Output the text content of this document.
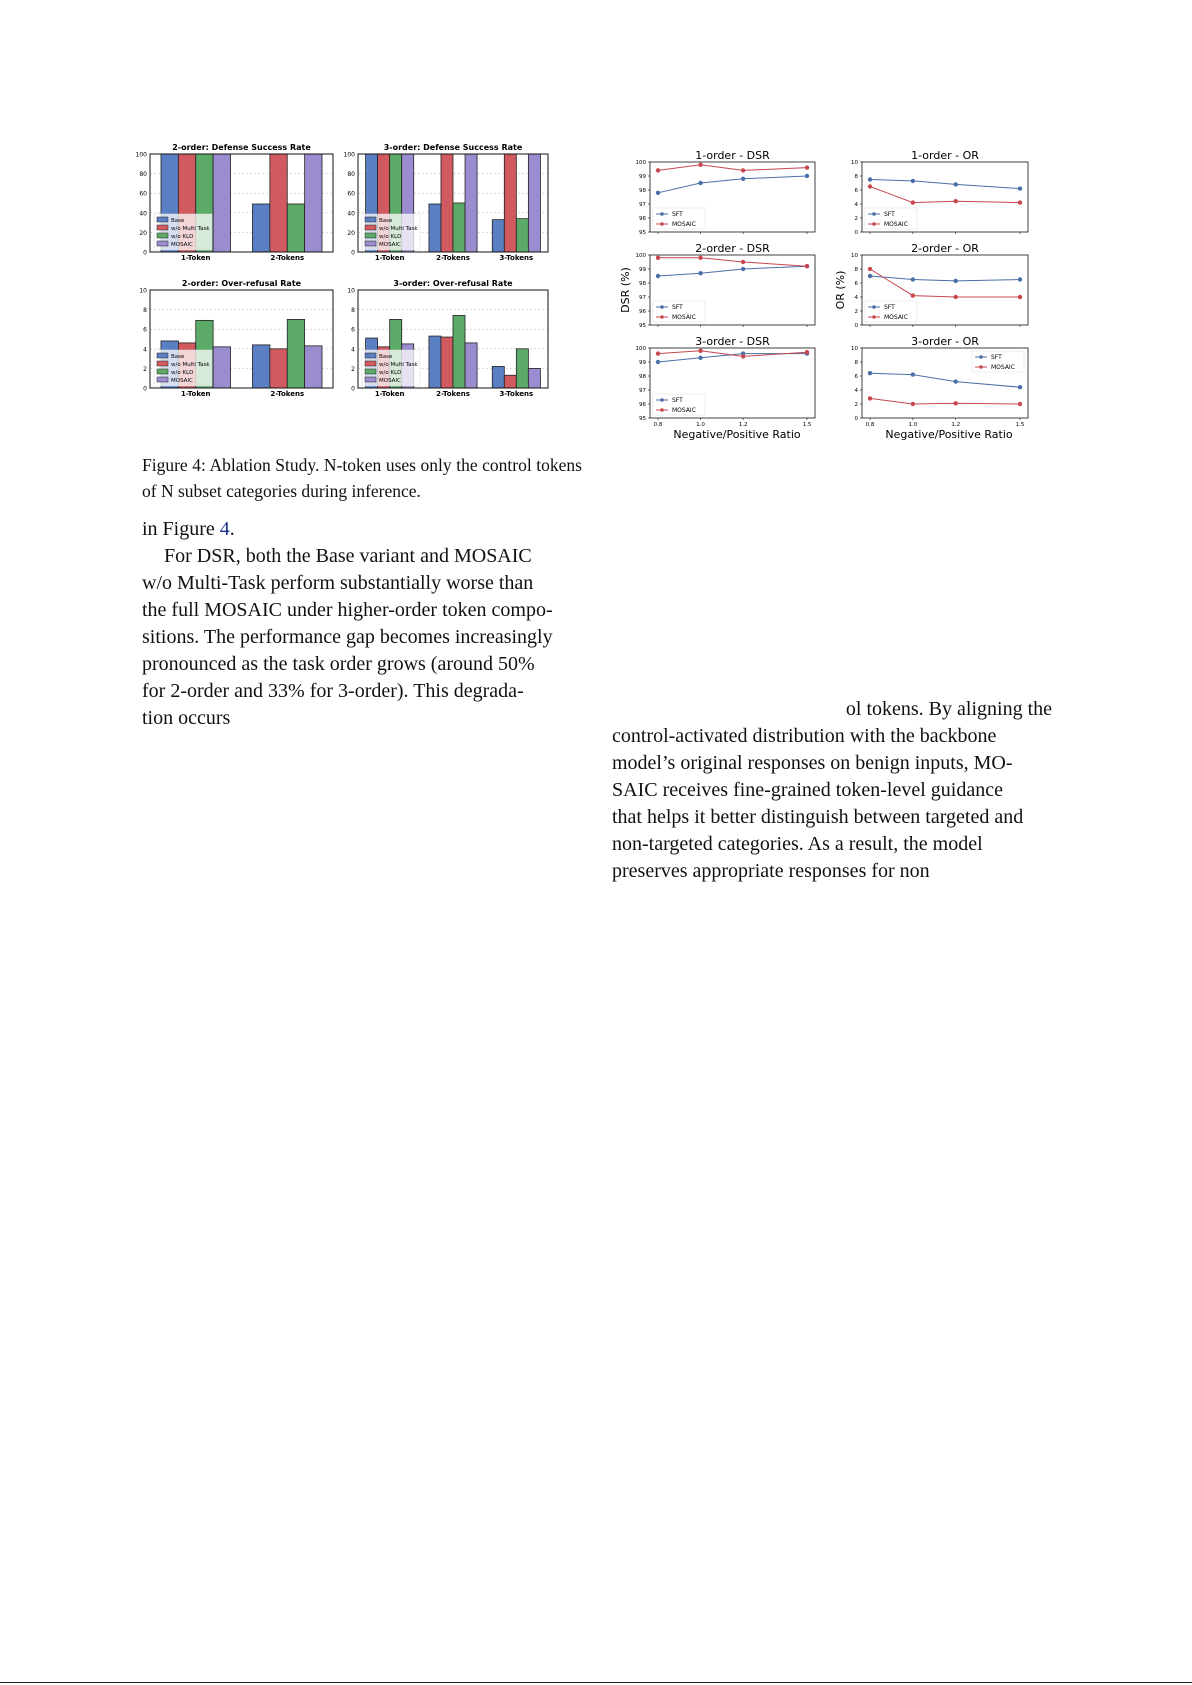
2-order: Defense Success Rate
0
20
40
60
80
100
1-Token	2-Tokens
Base
w/o Multi Task
w/o KLD
MOSAIC
3-order: Defense Success Rate
0
20
40
60
80
100
1-Token	2-Tokens	3-Tokens
Base
w/o Multi Task
w/o KLD
MOSAIC
2-order: Over-refusal Rate
0
2
4
6
8
10
1-Token	2-Tokens
Base
w/o Multi Task
w/o KLD
MOSAIC
3-order: Over-refusal Rate
0
2
4
6
8
10
1-Token	2-Tokens	3-Tokens
Base
w/o Multi Task
w/o KLD
MOSAIC
1-order - DSR
95
96
97
98
99
100
SFT
MOSAIC
1-order - OR
0
2
4
6
8
10
SFT
MOSAIC
2-order - DSR
95
96
97
98
99
100
SFT
MOSAIC
2-order - OR
0
2
4
6
8
10
SFT
MOSAIC
3-order - DSR
95
96
97
98
99
100
0.8	1.0	1.2	1.5
SFT
MOSAIC
3-order - OR
0
2
4
6
8
10
0.8	1.0	1.2	1.5
SFT
MOSAIC
Negative/Positive Ratio	Negative/Positive Ratio
DSR (%)	OR (%)
Figure 4: Ablation Study. N-token uses only the control tokens of N subset categories during inference.
in Figure 4.
For DSR, both the Base variant and MOSAIC
w/o Multi-Task perform substantially worse than
the full MOSAIC under higher-order token compo-
sitions. The performance gap becomes increasingly
pronounced as the task order grows (around 50%
for 2-order and 33% for 3-order). This degrada-
tion occurs	ol tokens. By aligning the
control-activated distribution with the backbone
model’s original responses on benign inputs, MO-
SAIC receives fine-grained token-level guidance
that helps it better distinguish between targeted and
non-targeted categories. As a result, the model
preserves appropriate responses for non
